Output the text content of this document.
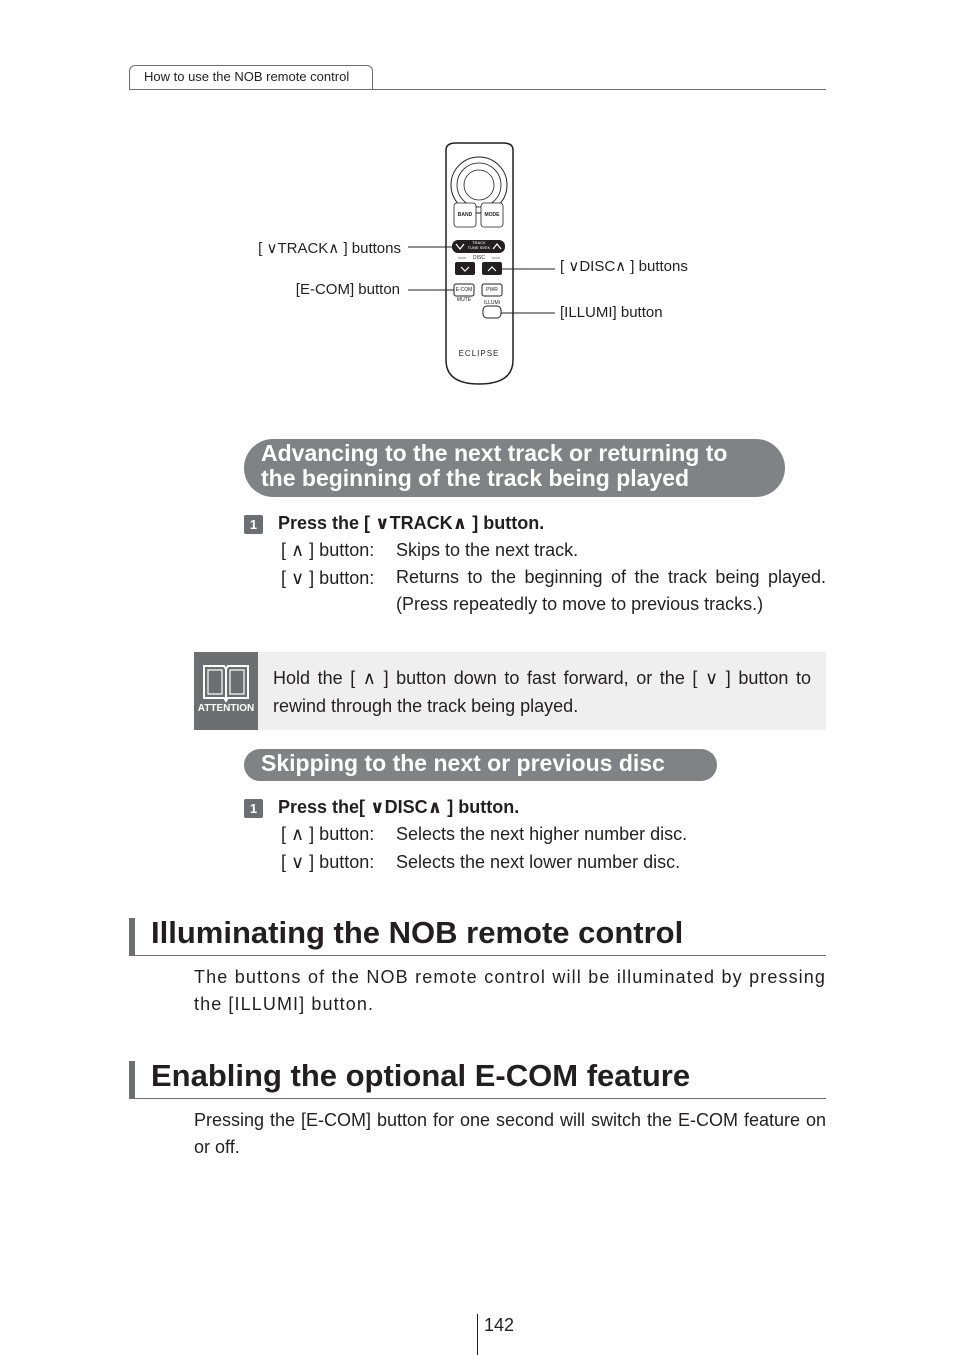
How to use the NOB remote control
BAND	MODE
TRACK
TUNE SEEK
DISC
E-COM	PWR
MUTE	ILLUMI
ECLIPSE
[ ∨TRACK∧ ] buttons
[E-COM] button
[ ∨DISC∧ ] buttons
[ILLUMI] button
Advancing to the next track or returning to
the beginning of the track being played
1	Press the [ ∨TRACK∧ ] button.
[ ∧ ] button: Skips to the next track.
[ ∨ ] button: Returns to the beginning of the track being played. (Press repeatedly to move to previous tracks.)
ATTENTION
Hold the [ ∧ ] button down to fast forward, or the [ ∨ ] button to rewind through the track being played.
Skipping to the next or previous disc
1	Press the[ ∨DISC∧ ] button.
[ ∧ ] button: Selects the next higher number disc.
[ ∨ ] button: Selects the next lower number disc.
Illuminating the NOB remote control
The buttons of the NOB remote control will be illuminated by pressing the [ILLUMI] button.
Enabling the optional E-COM feature
Pressing the [E-COM] button for one second will switch the E-COM feature on or off.
142
